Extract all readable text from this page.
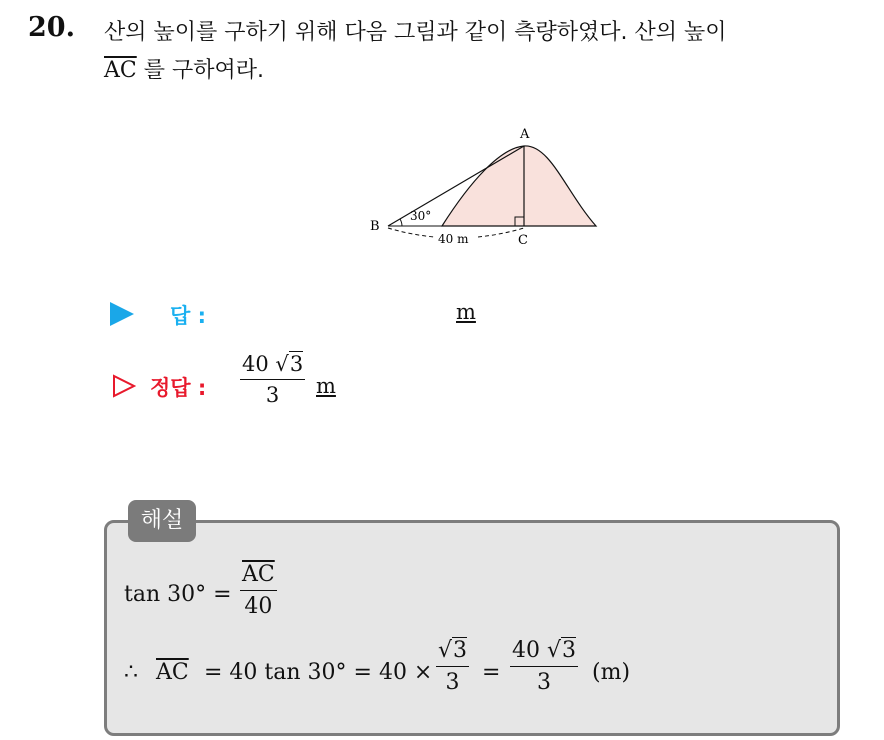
20. 산의 높이를 구하기 위해 다음 그림과 같이 측량하였다. 산의 높이
$\overline{AC}$ 를 구하여라.
A
B
C
30°
40 m
답 :	m
정답 : $\frac{40 √3}{3}$ m
해설
$\tan 30^\circ = \frac{\overline{AC}}{40}$
∴ $\overline{AC} = 40$ $\tan 30^\circ = 40 \times \frac{√3}{3} = \frac{40 √3}{3} (m)$
